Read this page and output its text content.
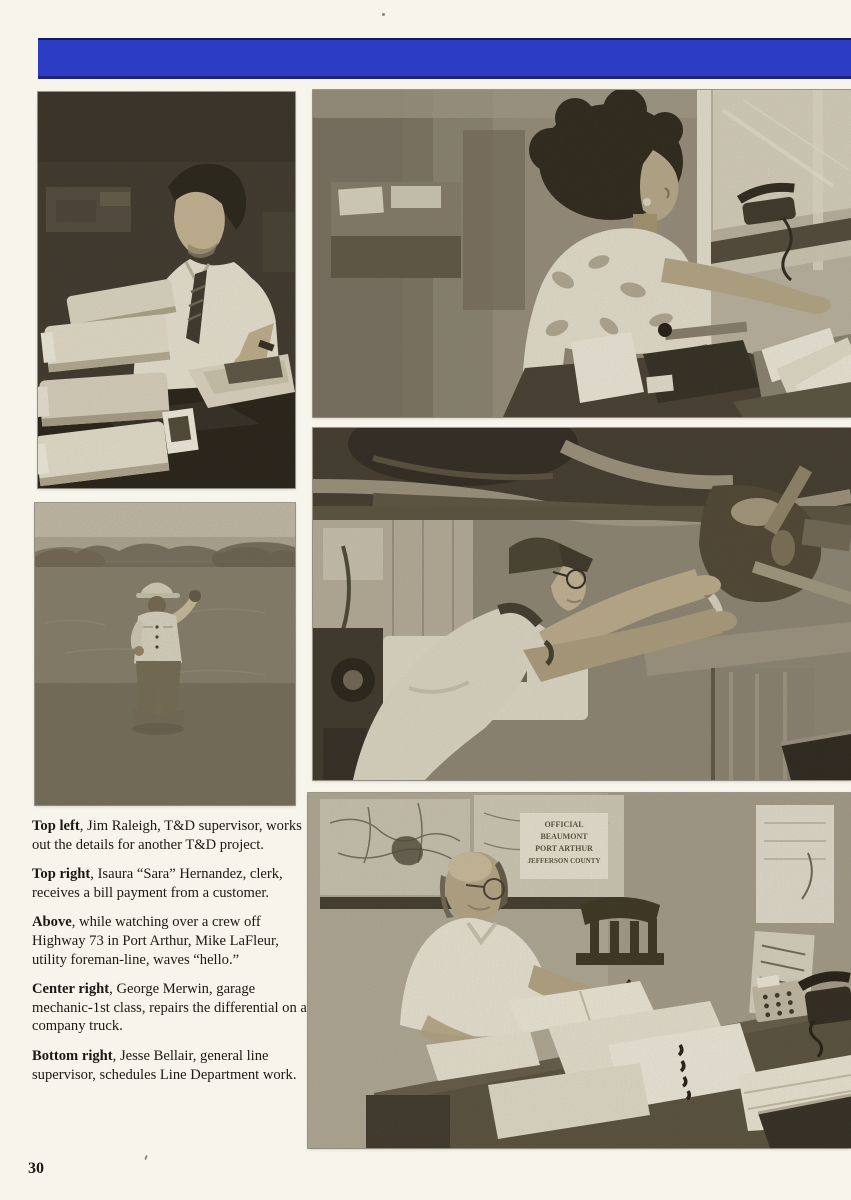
Top left, Jim Raleigh, T&D supervisor, works out the details for another T&D project.

Top right, Isaura “Sara” Hernandez, clerk, receives a bill payment from a customer.

Above, while watching over a crew off Highway 73 in Port Arthur, Mike LaFleur, utility foreman-line, waves “hello.”

Center right, George Merwin, garage mechanic-1st class, repairs the differential on a company truck.

Bottom right, Jesse Bellair, general line supervisor, schedules Line Department work.

30
